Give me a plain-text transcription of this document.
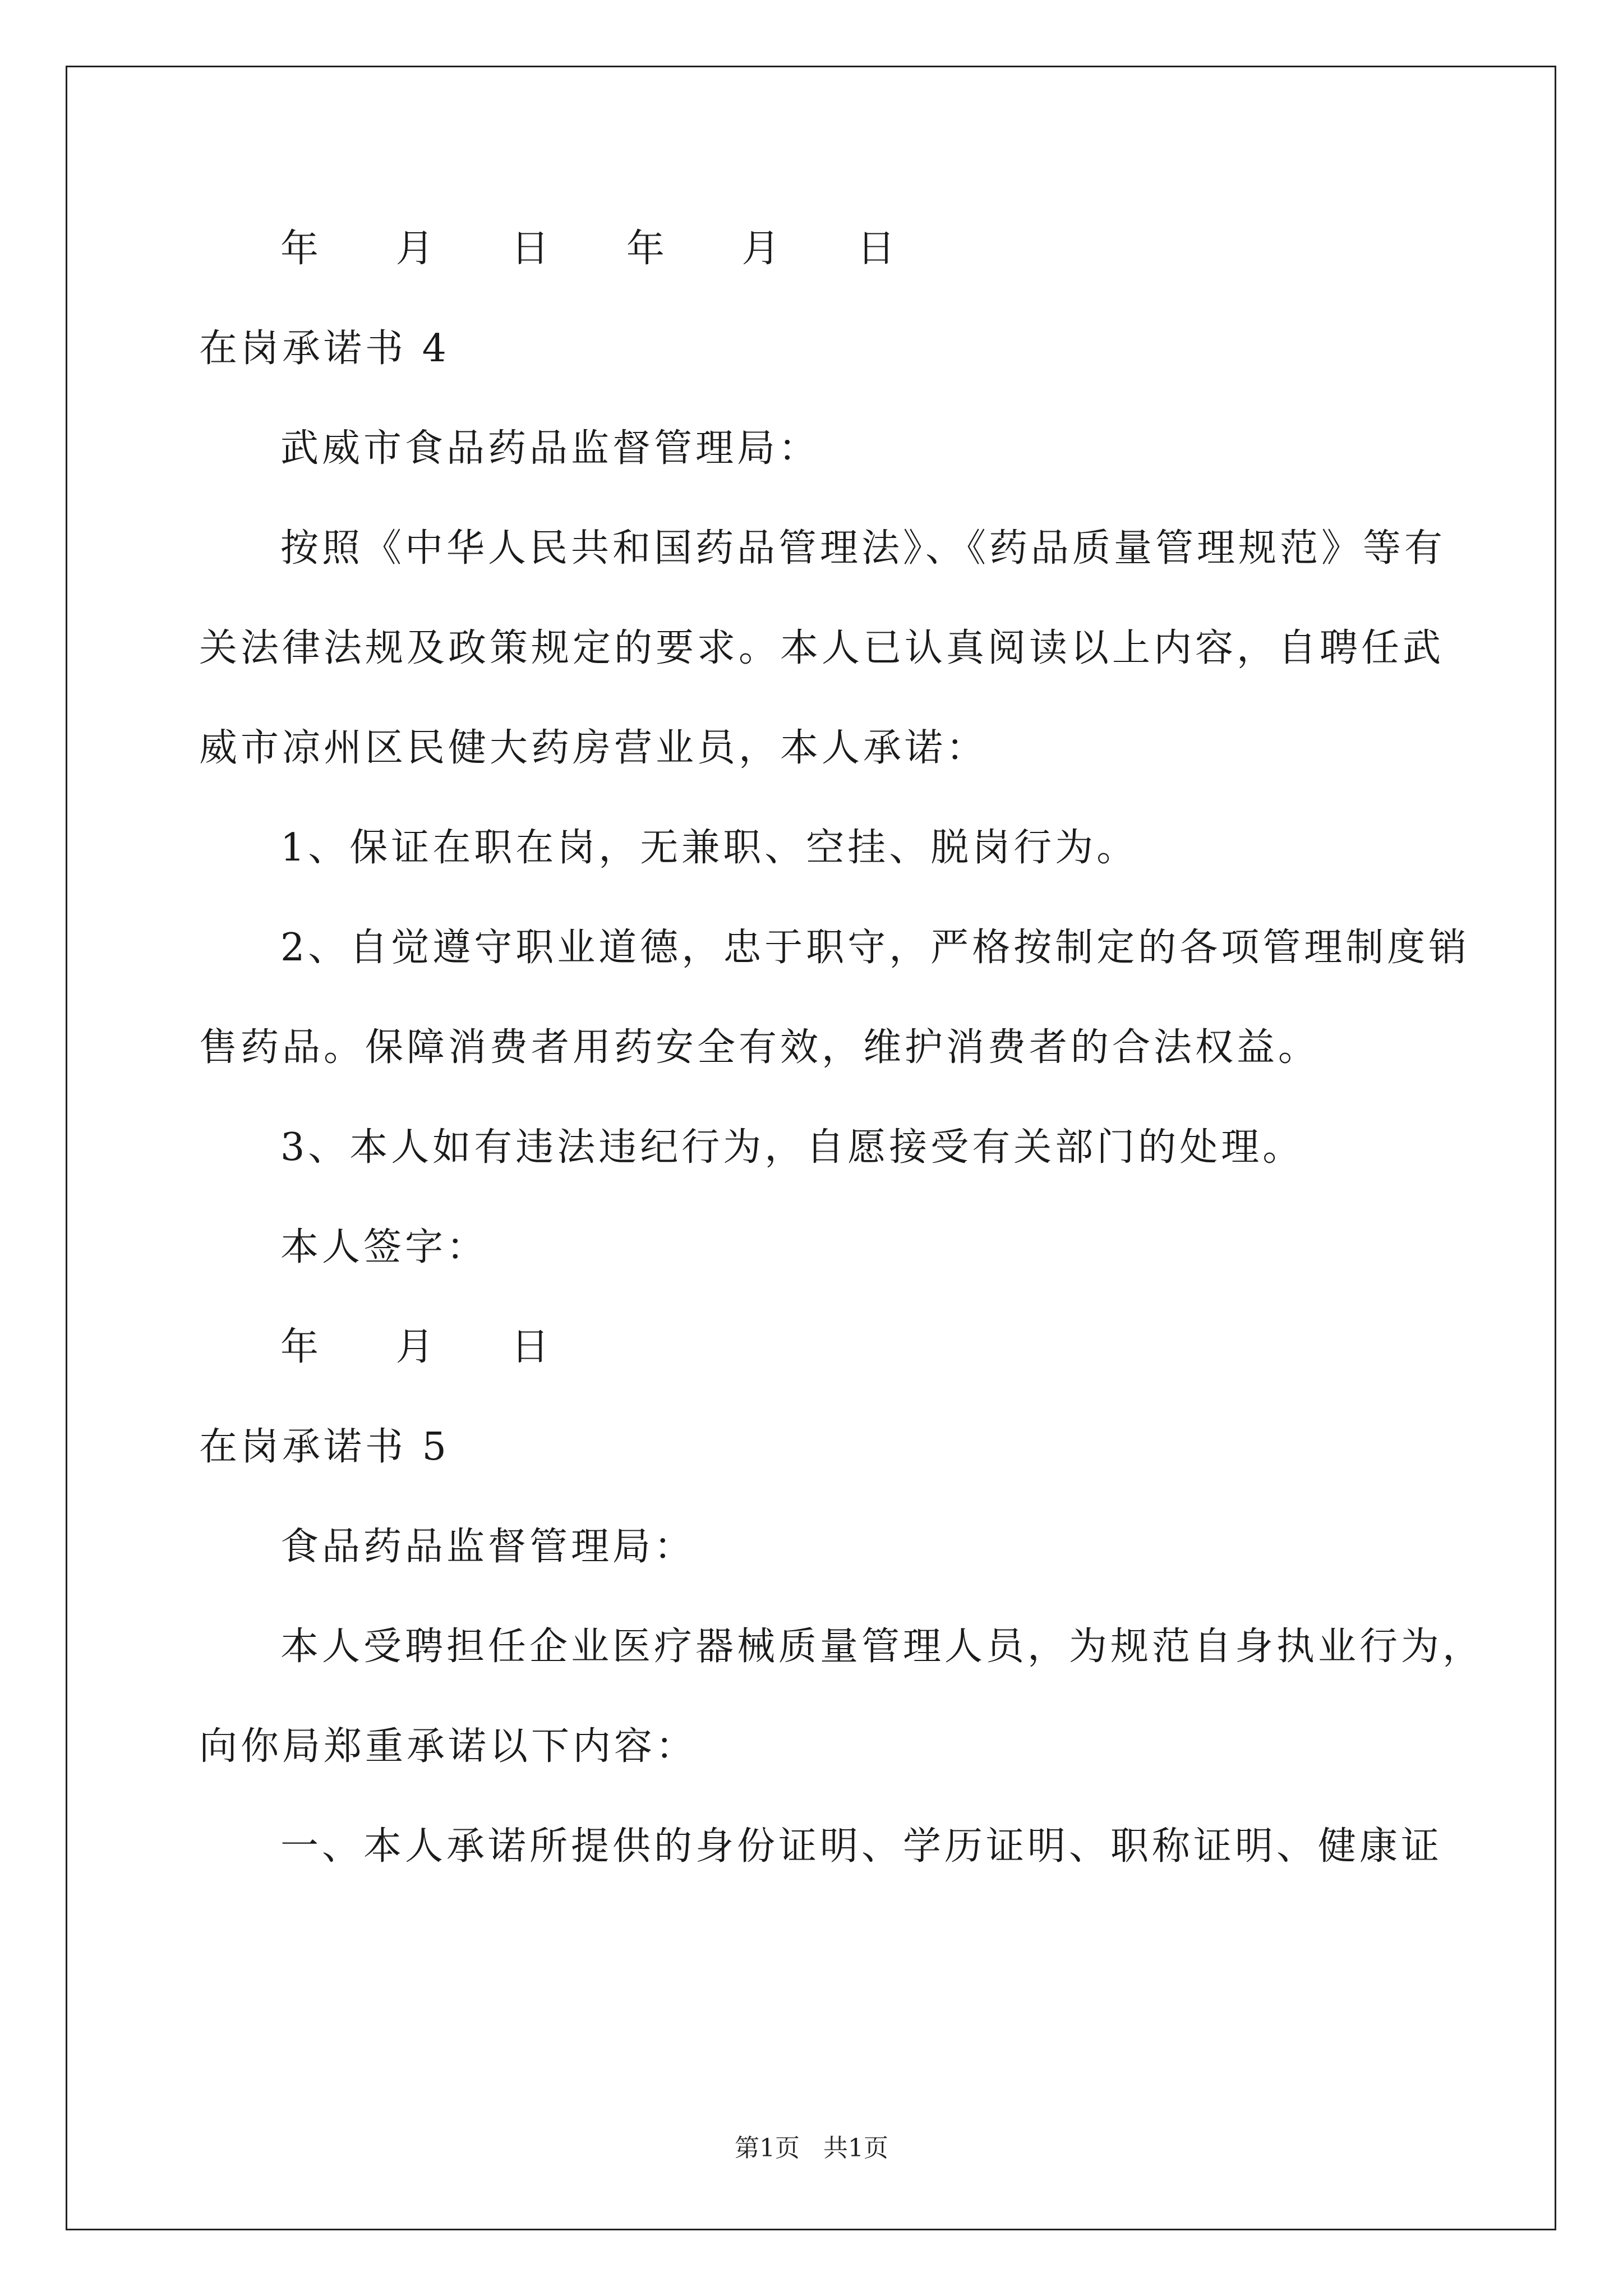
年 月 日 年 月 日
在岗承诺书 4
武威市食品药品监督管理局：
按照《中华人民共和国药品管理法》、《药品质量管理规范》等有
关法律法规及政策规定的要求。本人已认真阅读以上内容，自聘任武
威市凉州区民健大药房营业员，本人承诺：
1、保证在职在岗，无兼职、空挂、脱岗行为。
2、自觉遵守职业道德，忠于职守，严格按制定的各项管理制度销
售药品。保障消费者用药安全有效，维护消费者的合法权益。
3、本人如有违法违纪行为，自愿接受有关部门的处理。
本人签字：
年 月 日
在岗承诺书 5
食品药品监督管理局：
本人受聘担任企业医疗器械质量管理人员，为规范自身执业行为，
向你局郑重承诺以下内容：
一、本人承诺所提供的身份证明、学历证明、职称证明、健康证
第1页   共1页
